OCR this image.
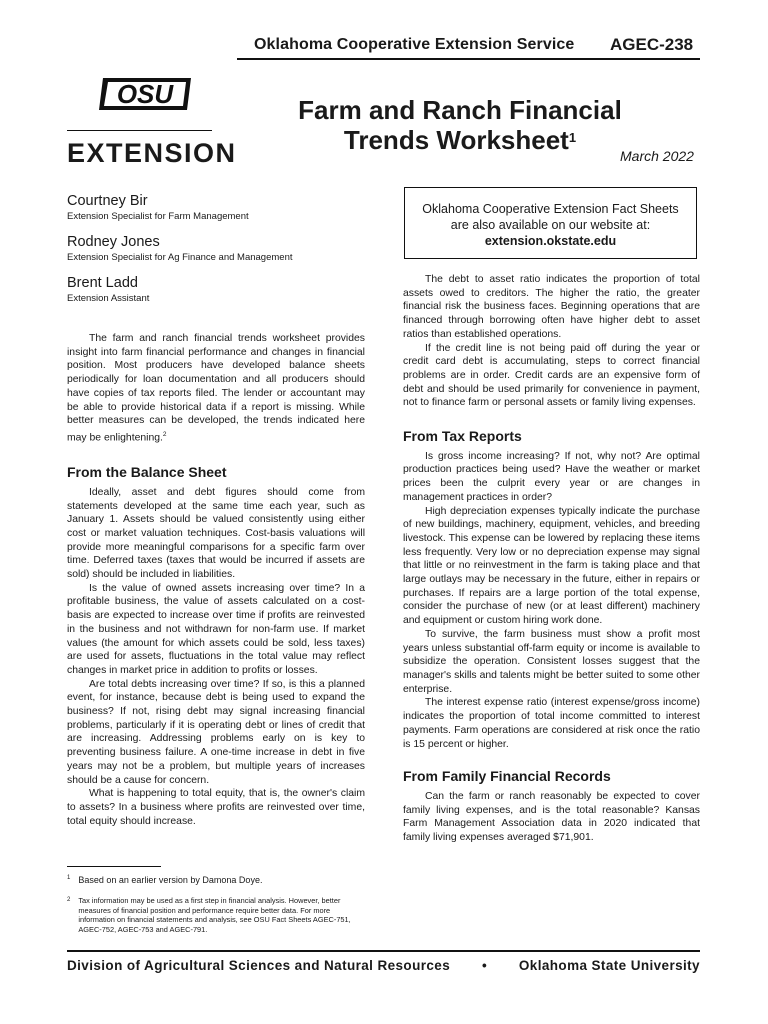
Oklahoma Cooperative Extension Service AGEC-238
OSU
EXTENSION
Farm and Ranch Financial
Trends Worksheet$^1$
March 2022
Courtney Bir
Extension Specialist for Farm Management
Rodney Jones
Extension Specialist for Ag Finance and Management
Brent Ladd
Extension Assistant
Oklahoma Cooperative Extension Fact Sheets
are also available on our website at:
extension.okstate.edu

The farm and ranch financial trends worksheet provides insight into farm financial performance and changes in financial position. Most producers have developed balance sheets periodically for loan documentation and all producers should have copies of tax reports filed. The lender or accountant may be able to provide historical data if a report is missing. While better measures can be developed, the trends indicated here may be enlightening.$^2$

From the Balance Sheet

Ideally, asset and debt figures should come from statements developed at the same time each year, such as January 1. Assets should be valued consistently using either cost or market valuation techniques. Cost-basis valuations will provide more meaningful comparisons for a specific farm over time. Deferred taxes (taxes that would be incurred if assets are sold) should be included in liabilities.

Is the value of owned assets increasing over time? In a profitable business, the value of assets calculated on a cost-basis are expected to increase over time if profits are reinvested in the business and not withdrawn for non-farm use. If market values (the amount for which assets could be sold, less taxes) are used for assets, fluctuations in the total value may reflect changes in market price in addition to profits or losses.

Are total debts increasing over time? If so, is this a planned event, for instance, because debt is being used to expand the business? If not, rising debt may signal increasing financial problems, particularly if it is operating debt or lines of credit that are increasing. Addressing problems early on is key to preventing business failure. A one-time increase in debt in five years may not be a problem, but multiple years of increases should be a cause for concern.

What is happening to total equity, that is, the owner's claim to assets? In a business where profits are reinvested over time, total equity should increase.

$^1$ Based on an earlier version by Damona Doye.
$^2$ Tax information may be used as a first step in financial analysis. However, better measures of financial position and performance require better data. For more information on financial statements and analysis, see OSU Fact Sheets AGEC-751, AGEC-752, AGEC-753 and AGEC-791.

The debt to asset ratio indicates the proportion of total assets owed to creditors. The higher the ratio, the greater financial risk the business faces. Beginning operations that are financed through borrowing often have higher debt to asset ratios than established operations.

If the credit line is not being paid off during the year or credit card debt is accumulating, steps to correct financial problems are in order. Credit cards are an expensive form of debt and should be used primarily for convenience in payment, not to finance farm or personal assets or family living expenses.

From Tax Reports

Is gross income increasing? If not, why not? Are optimal production practices being used? Have the weather or market prices been the culprit every year or are changes in management practices in order?

High depreciation expenses typically indicate the purchase of new buildings, machinery, equipment, vehicles, and breeding livestock. This expense can be lowered by replacing these items less frequently. Very low or no depreciation expense may signal that little or no reinvestment in the farm is taking place and that large outlays may be necessary in the future, either in repairs or purchases. If repairs are a large portion of the total expense, consider the purchase of new (or at least different) machinery and equipment or custom hiring work done.

To survive, the farm business must show a profit most years unless substantial off-farm equity or income is available to subsidize the operation. Consistent losses suggest that the manager's skills and talents might be better suited to some other enterprise.

The interest expense ratio (interest expense/gross income) indicates the proportion of total income committed to interest payments. Farm operations are considered at risk once the ratio is 15 percent or higher.

From Family Financial Records

Can the farm or ranch reasonably be expected to cover family living expenses, and is the total reasonable? Kansas Farm Management Association data in 2020 indicated that family living expenses averaged $71,901.

Division of Agricultural Sciences and Natural Resources • Oklahoma State University
